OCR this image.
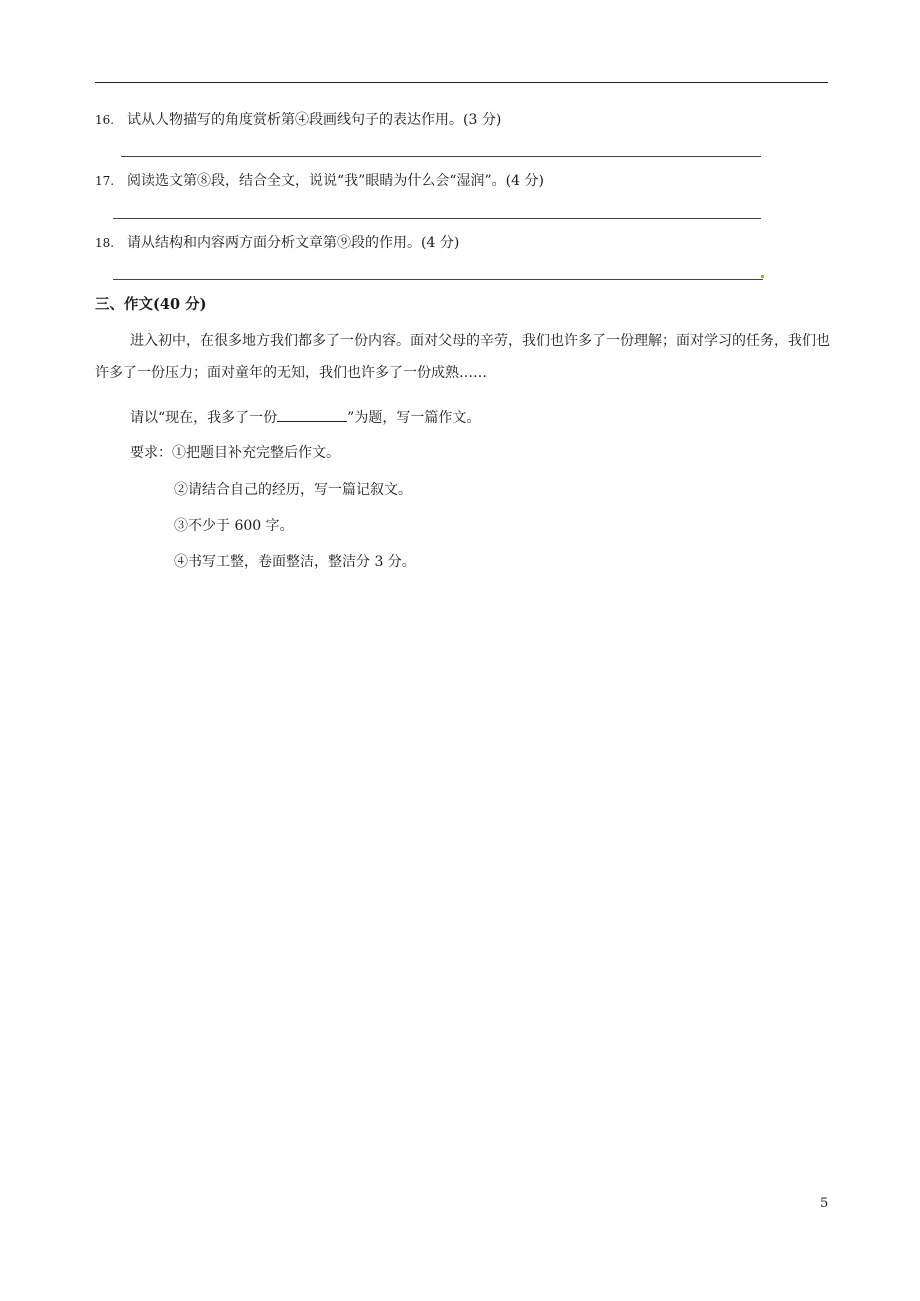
16. 试从人物描写的角度赏析第④段画线句子的表达作用。(3 分)
17. 阅读选文第⑧段，结合全文，说说“我”眼睛为什么会“湿润”。(4 分)
18. 请从结构和内容两方面分析文章第⑨段的作用。(4 分)
三、作文(40 分)
进入初中，在很多地方我们都多了一份内容。面对父母的辛劳，我们也许多了一份理解；面对学习的任务，我们也许多了一份压力；面对童年的无知，我们也许多了一份成熟……
请以“现在，我多了一份	”为题，写一篇作文。
要求：①把题目补充完整后作文。
②请结合自己的经历，写一篇记叙文。
③不少于 600 字。
④书写工整，卷面整洁，整洁分 3 分。
5
